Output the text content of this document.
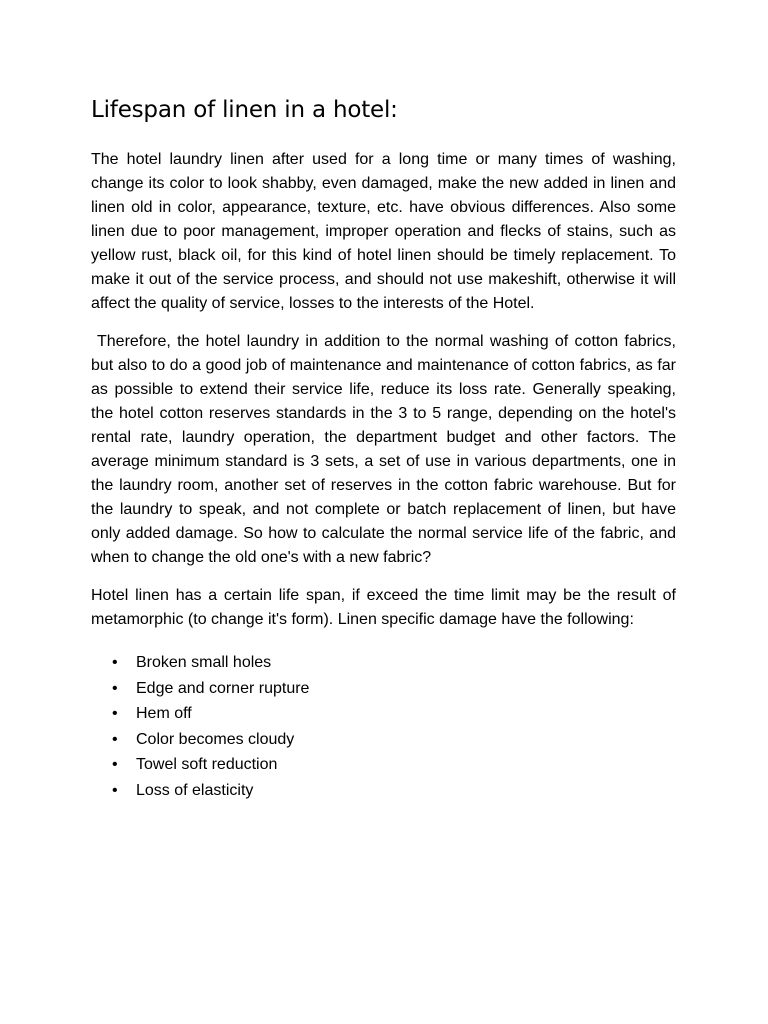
Lifespan of linen in a hotel:

The hotel laundry linen after used for a long time or many times of washing, change its color to look shabby, even damaged, make the new added in linen and linen old in color, appearance, texture, etc. have obvious differences. Also some linen due to poor management, improper operation and flecks of stains, such as yellow rust, black oil, for this kind of hotel linen should be timely replacement. To make it out of the service process, and should not use makeshift, otherwise it will affect the quality of service, losses to the interests of the Hotel.

Therefore, the hotel laundry in addition to the normal washing of cotton fabrics, but also to do a good job of maintenance and maintenance of cotton fabrics, as far as possible to extend their service life, reduce its loss rate. Generally speaking, the hotel cotton reserves standards in the 3 to 5 range, depending on the hotel's rental rate, laundry operation, the department budget and other factors. The average minimum standard is 3 sets, a set of use in various departments, one in the laundry room, another set of reserves in the cotton fabric warehouse. But for the laundry to speak, and not complete or batch replacement of linen, but have only added damage. So how to calculate the normal service life of the fabric, and when to change the old one's with a new fabric?

Hotel linen has a certain life span, if exceed the time limit may be the result of metamorphic (to change it's form). Linen specific damage have the following:

• Broken small holes
• Edge and corner rupture
• Hem off
• Color becomes cloudy
• Towel soft reduction
• Loss of elasticity
